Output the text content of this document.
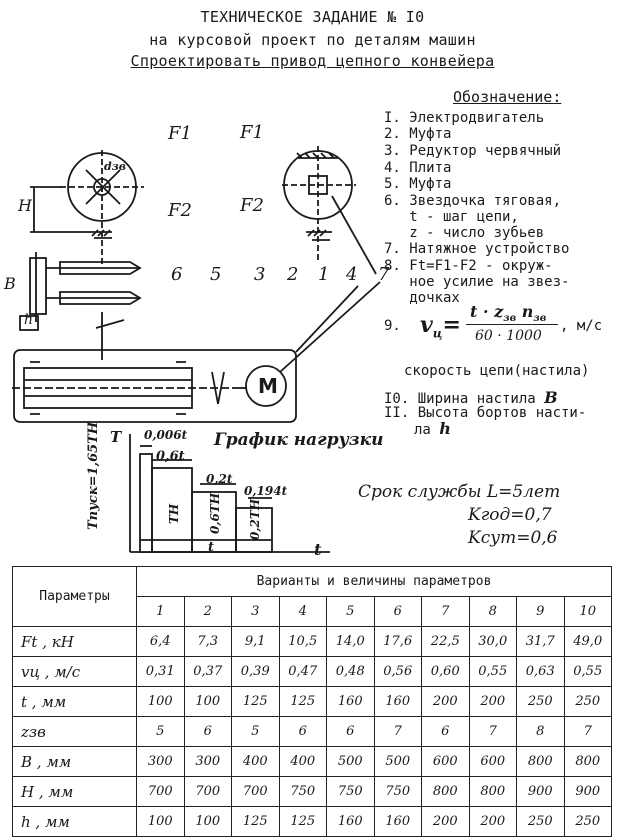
ТЕХНИЧЕСКОЕ ЗАДАНИЕ № I0
на курсовой проект по деталям машин
Спроектировать привод цепного конвейера
Обозначение:
I. Электродвигатель
2. Муфта
3. Редуктор червячный
4. Плита
5. Муфта
6. Звездочка тяговая,
t - шаг цепи,
z - число зубьев
7. Натяжное устройство
8. Ft=F1-F2 - окруж-
ное усилие на звез-
дочках
9. $v_ц=$
$t \cdot z_{зв}$ $n_{зв}$
60 · 1000
, м/с
скорость цепи(настила)
I0. Ширина настила B
II. Высота бортов насти-
ла h
F1	F1
F2	F2
dзв
H
B
h
6 5 3 2 1 4 7
M
T 0,006t График нагрузки
0,6t
0,2t
0,194t
Tпуск=1,65TH	TH 0,6TH 0,2TH
t	t
Срок службы L=5лет
Kгод=0,7
Kсут=0,6
Параметры	Варианты и величины параметров									
	1	2	3	4	5	6	7	8	9	10
Ft , кН	6,4	7,3	9,1	10,5	14,0	17,6	22,5	30,0	31,7	49,0
vц , м/с	0,31	0,37	0,39	0,47	0,48	0,56	0,60	0,55	0,63	0,55
t , мм	100	100	125	125	160	160	200	200	250	250
zзв	5	6	5	6	6	7	6	7	8	7
B , мм	300	300	400	400	500	500	600	600	800	800
H , мм	700	700	700	750	750	750	800	800	900	900
h , мм	100	100	125	125	160	160	200	200	250	250
